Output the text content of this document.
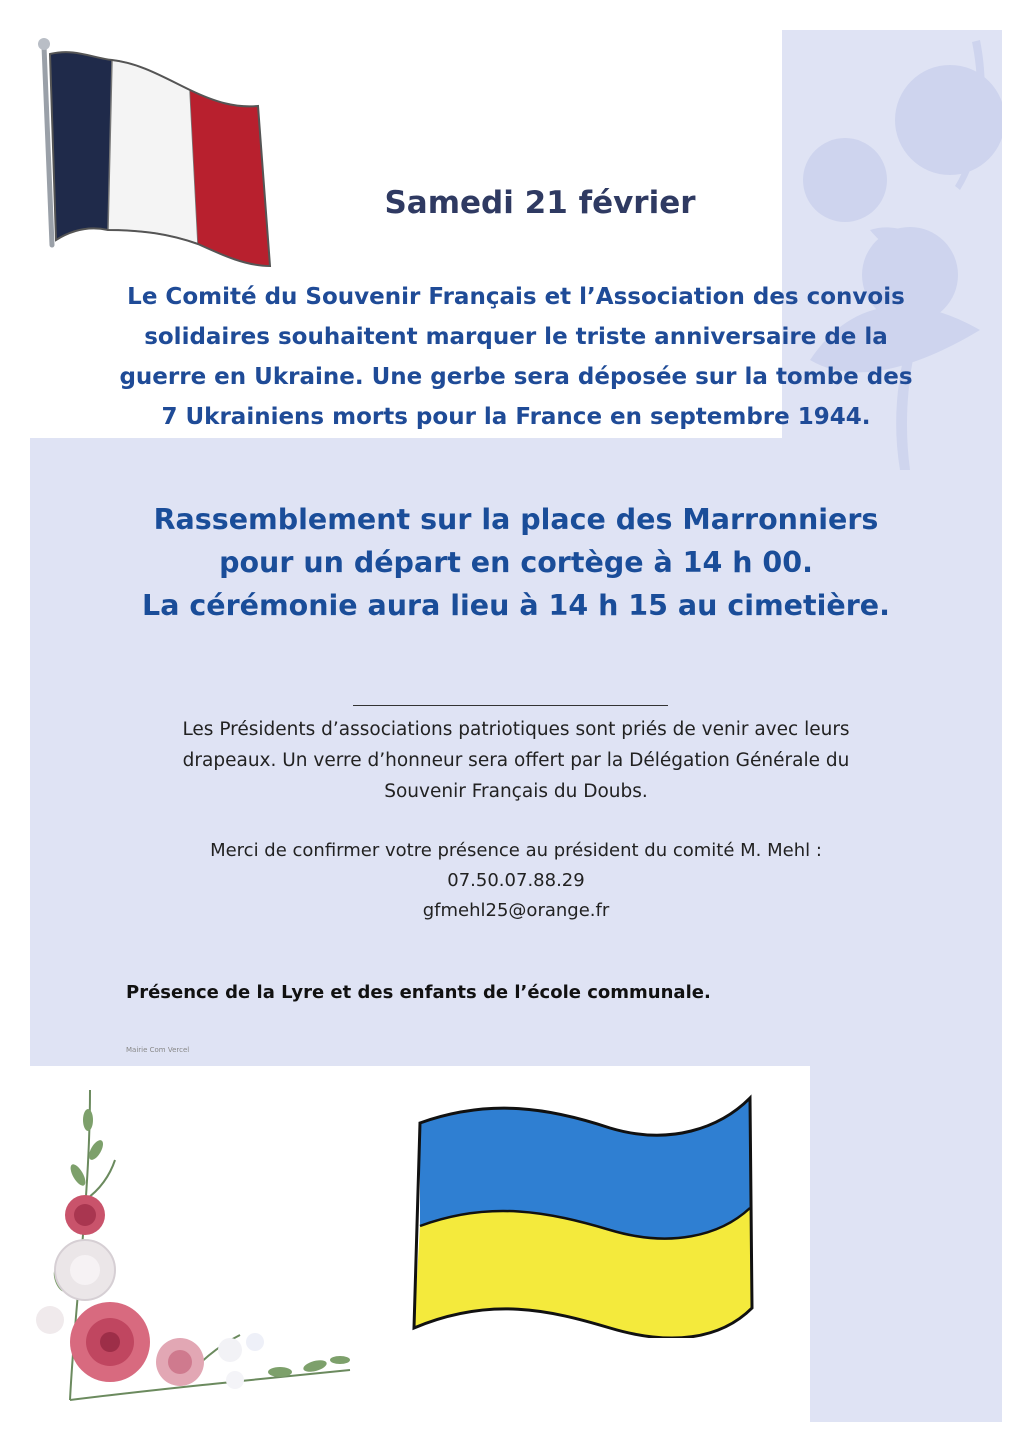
Samedi 21 février
Le Comité du Souvenir Français et l’Association des convois
solidaires souhaitent marquer le triste anniversaire de la
guerre en Ukraine. Une gerbe sera déposée sur la tombe des
7 Ukrainiens morts pour la France en septembre 1944.
Rassemblement sur la place des Marronniers
pour un départ en cortège à 14 h 00.
La cérémonie aura lieu à 14 h 15 au cimetière.
Les Présidents d’associations patriotiques sont priés de venir avec leurs
drapeaux. Un verre d’honneur sera offert par la Délégation Générale du
Souvenir Français du Doubs.
Merci de confirmer votre présence au président du comité M. Mehl :
07.50.07.88.29
gfmehl25@orange.fr
Présence de la Lyre et des enfants de l’école communale.
Mairie Com Vercel
